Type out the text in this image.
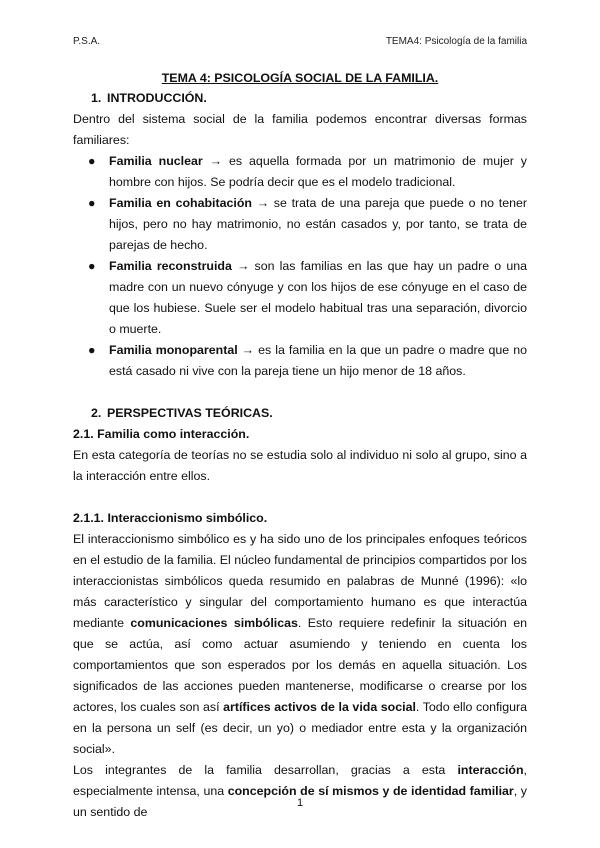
P.S.A.	TEMA4: Psicología de la familia

TEMA 4: PSICOLOGÍA SOCIAL DE LA FAMILIA.

1. INTRODUCCIÓN.

Dentro del sistema social de la familia podemos encontrar diversas formas familiares:

● Familia nuclear → es aquella formada por un matrimonio de mujer y hombre con hijos. Se podría decir que es el modelo tradicional.
● Familia en cohabitación → se trata de una pareja que puede o no tener hijos, pero no hay matrimonio, no están casados y, por tanto, se trata de parejas de hecho.
● Familia reconstruida → son las familias en las que hay un padre o una madre con un nuevo cónyuge y con los hijos de ese cónyuge en el caso de que los hubiese. Suele ser el modelo habitual tras una separación, divorcio o muerte.
● Familia monoparental → es la familia en la que un padre o madre que no está casado ni vive con la pareja tiene un hijo menor de 18 años.
2. PERSPECTIVAS TEÓRICAS.
2.1. Familia como interacción.

En esta categoría de teorías no se estudia solo al individuo ni solo al grupo, sino a la interacción entre ellos.

2.1.1. Interaccionismo simbólico.

El interaccionismo simbólico es y ha sido uno de los principales enfoques teóricos en el estudio de la familia. El núcleo fundamental de principios compartidos por los interaccionistas simbólicos queda resumido en palabras de Munné (1996): «lo más característico y singular del comportamiento humano es que interactúa mediante comunicaciones simbólicas. Esto requiere redefinir la situación en que se actúa, así como actuar asumiendo y teniendo en cuenta los comportamientos que son esperados por los demás en aquella situación. Los significados de las acciones pueden mantenerse, modificarse o crearse por los actores, los cuales son así artífices activos de la vida social. Todo ello configura en la persona un self (es decir, un yo) o mediador entre esta y la organización social».

Los integrantes de la familia desarrollan, gracias a esta interacción, especialmente intensa, una concepción de sí mismos y de identidad familiar, y un sentido de

1
